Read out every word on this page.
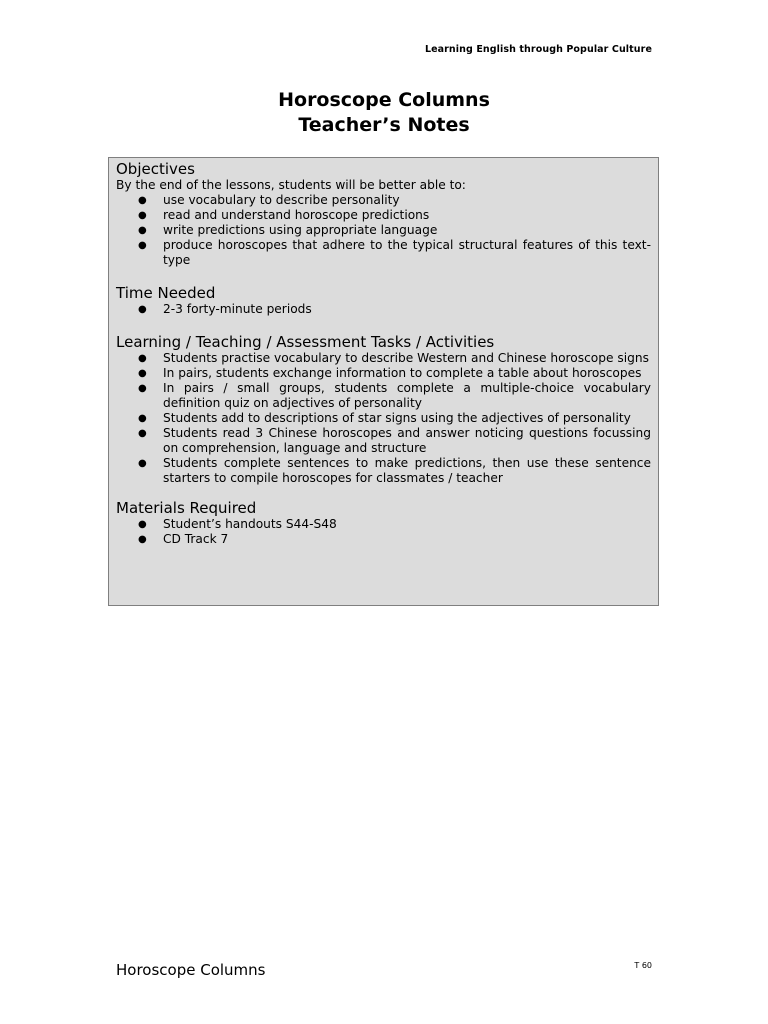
Learning English through Popular Culture
Horoscope Columns
Teacher’s Notes
Objectives
By the end of the lessons, students will be better able to:
● use vocabulary to describe personality
● read and understand horoscope predictions
● write predictions using appropriate language
● produce horoscopes that adhere to the typical structural features of this text-type
Time Needed
● 2-3 forty-minute periods
Learning / Teaching / Assessment Tasks / Activities
● Students practise vocabulary to describe Western and Chinese horoscope signs
● In pairs, students exchange information to complete a table about horoscopes
● In pairs / small groups, students complete a multiple-choice vocabulary definition quiz on adjectives of personality
● Students add to descriptions of star signs using the adjectives of personality
● Students read 3 Chinese horoscopes and answer noticing questions focussing on comprehension, language and structure
● Students complete sentences to make predictions, then use these sentence starters to compile horoscopes for classmates / teacher
Materials Required
● Student’s handouts S44-S48
● CD Track 7
Horoscope Columns	T 60
